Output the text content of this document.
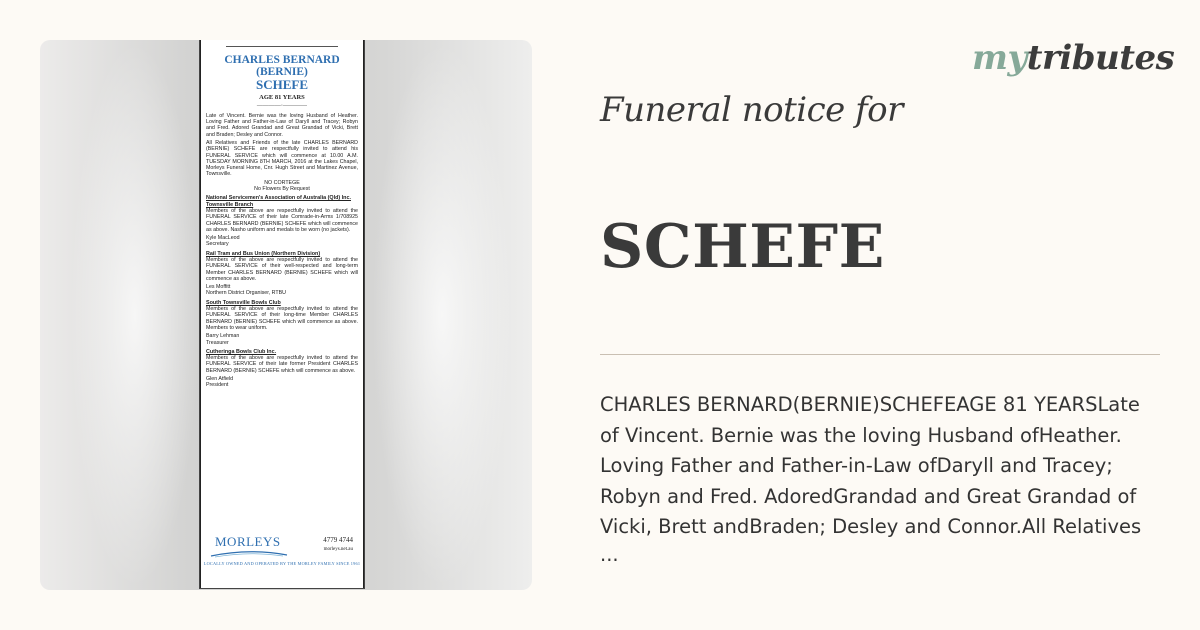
CHARLES BERNARD
(BERNIE)
SCHEFE
AGE 81 YEARS
――――◦――――

Late of Vincent. Bernie was the loving Husband of Heather. Loving Father and Father-in-Law of Daryll and Tracey; Robyn and Fred. Adored Grandad and Great Grandad of Vicki, Brett and Braden; Desley and Connor.

All Relatives and Friends of the late CHARLES BERNARD (BERNIE) SCHEFE are respectfully invited to attend his FUNERAL SERVICE which will commence at 10.00 A.M. TUESDAY MORNING 8TH MARCH, 2016 at the Lakes Chapel, Morleys Funeral Home, Cnr. Hugh Street and Martinez Avenue, Townsville.

NO CORTEGE

No Flowers By Request

National Servicemen's Association of Australia (Qld) Inc. Townsville Branch

Members of the above are respectfully invited to attend the FUNERAL SERVICE of their late Comrade-in-Arms 1/708925 CHARLES BERNARD (BERNIE) SCHEFE which will commence as above. Nasho uniform and medals to be worn (no jackets).

Kyle MacLeod
Secretary
Rail Tram and Bus Union (Northern Division)

Members of the above are respectfully invited to attend the FUNERAL SERVICE of their well-respected and long-term Member CHARLES BERNARD (BERNIE) SCHEFE which will commence as above.

Les Moffitt
Northern District Organiser, RTBU
South Townsville Bowls Club

Members of the above are respectfully invited to attend the FUNERAL SERVICE of their long-time Member CHARLES BERNARD (BERNIE) SCHEFE which will commence as above. Members to wear uniform.

Barry Lehman
Treasurer
Cutheringa Bowls Club Inc.

Members of the above are respectfully invited to attend the FUNERAL SERVICE of their late former President CHARLES BERNARD (BERNIE) SCHEFE which will commence as above.

Glen Atfield
President
MORLEYS	4779 4744
morleys.net.au
LOCALLY OWNED AND OPERATED BY THE MORLEY FAMILY SINCE 1961
mytributes
Funeral notice for
SCHEFE
CHARLES BERNARD(BERNIE)SCHEFEAGE 81 YEARSLate of Vincent. Bernie was the loving Husband ofHeather. Loving Father and Father-in-Law ofDaryll and Tracey; Robyn and Fred. AdoredGrandad and Great Grandad of Vicki, Brett andBraden; Desley and Connor.All Relatives
...
